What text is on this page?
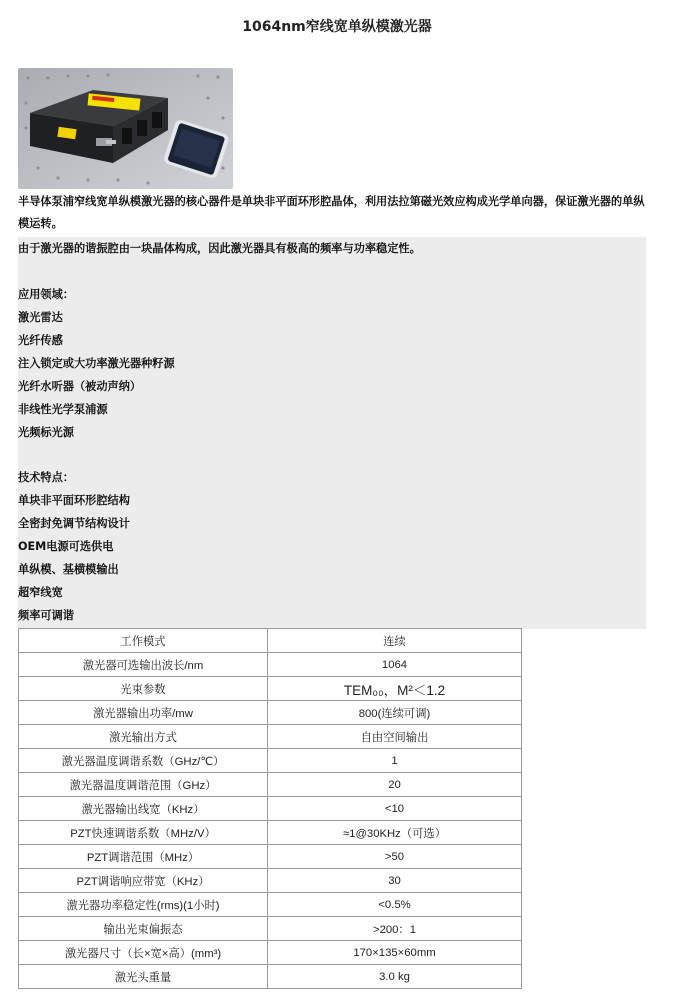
1064nm窄线宽单纵模激光器
半导体泵浦窄线宽单纵模激光器的核心器件是单块非平面环形腔晶体，利用法拉第磁光效应构成光学单向器，保证激光器的单纵模运转。
由于激光器的谐振腔由一块晶体构成，因此激光器具有极高的频率与功率稳定性。
应用领域：
激光雷达
光纤传感
注入锁定或大功率激光器种籽源
光纤水听器（被动声纳）
非线性光学泵浦源
光频标光源
技术特点：
单块非平面环形腔结构
全密封免调节结构设计
OEM电源可选供电
单纵模、基横模输出
超窄线宽
频率可调谐
工作模式	连续
激光器可选输出波长/nm	1064
光束参数	TEM₀₀，M²＜1.2
激光器输出功率/mw	800(连续可调)
激光输出方式	自由空间输出
激光器温度调谐系数（GHz/℃）	1
激光器温度调谐范围（GHz）	20
激光器输出线宽（KHz）	<10
PZT快速调谐系数（MHz/V）	≈1@30KHz（可选）
PZT调谐范围（MHz）	>50
PZT调谐响应带宽（KHz）	30
激光器功率稳定性(rms)(1小时)	<0.5%
输出光束偏振态	>200：1
激光器尺寸（长×宽×高）(mm³)	170×135×60mm
激光头重量	3.0 kg
